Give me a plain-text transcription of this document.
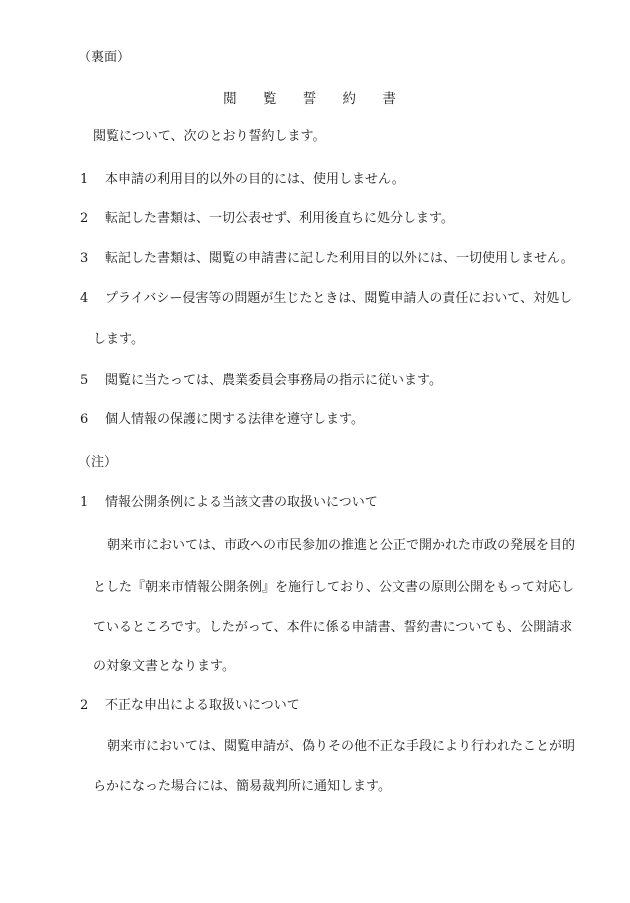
（裏面）
閲 覧 誓 約 書
閲覧について、次のとおり誓約します。
1 本申請の利用目的以外の目的には、使用しません。
2 転記した書類は、一切公表せず、利用後直ちに処分します。
3 転記した書類は、閲覧の申請書に記した利用目的以外には、一切使用しません。
4 プライバシー侵害等の問題が生じたときは、閲覧申請人の責任において、対処し
します。
5 閲覧に当たっては、農業委員会事務局の指示に従います。
6 個人情報の保護に関する法律を遵守します。
（注）
1 情報公開条例による当該文書の取扱いについて
朝来市においては、市政への市民参加の推進と公正で開かれた市政の発展を目的
とした『朝来市情報公開条例』を施行しており、公文書の原則公開をもって対応し
ているところです。したがって、本件に係る申請書、誓約書についても、公開請求
の対象文書となります。
2 不正な申出による取扱いについて
朝来市においては、閲覧申請が、偽りその他不正な手段により行われたことが明
らかになった場合には、簡易裁判所に通知します。
